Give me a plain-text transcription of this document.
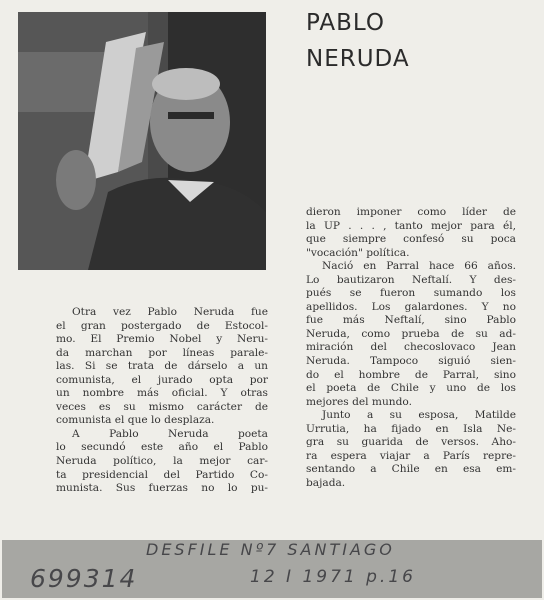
PABLO
NERUDA
Otra vez Pablo Neruda fue
el gran postergado de Estocol-
mo. El Premio Nobel y Neru-
da marchan por líneas parale-
las. Si se trata de dárselo a un
comunista, el jurado opta por
un nombre más oficial. Y otras
veces es su mismo carácter de
comunista el que lo desplaza.
A Pablo Neruda poeta
lo secundó este año el Pablo
Neruda político, la mejor car-
ta presidencial del Partido Co-
munista. Sus fuerzas no lo pu-
dieron imponer como líder de
la UP . . . , tanto mejor para él,
que siempre confesó su poca
"vocación" política.
Nació en Parral hace 66 años.
Lo bautizaron Neftalí. Y des-
pués se fueron sumando los
apellidos. Los galardones. Y no
fue más Neftalí, sino Pablo
Neruda, como prueba de su ad-
miración del checoslovaco Jean
Neruda. Tampoco siguió sien-
do el hombre de Parral, sino
el poeta de Chile y uno de los
mejores del mundo.
Junto a su esposa, Matilde
Urrutia, ha fijado en Isla Ne-
gra su guarida de versos. Aho-
ra espera viajar a París repre-
sentando a Chile en esa em-
bajada.
DESFILE Nº7 SANTIAGO
699314	12 I 1971 p.16
